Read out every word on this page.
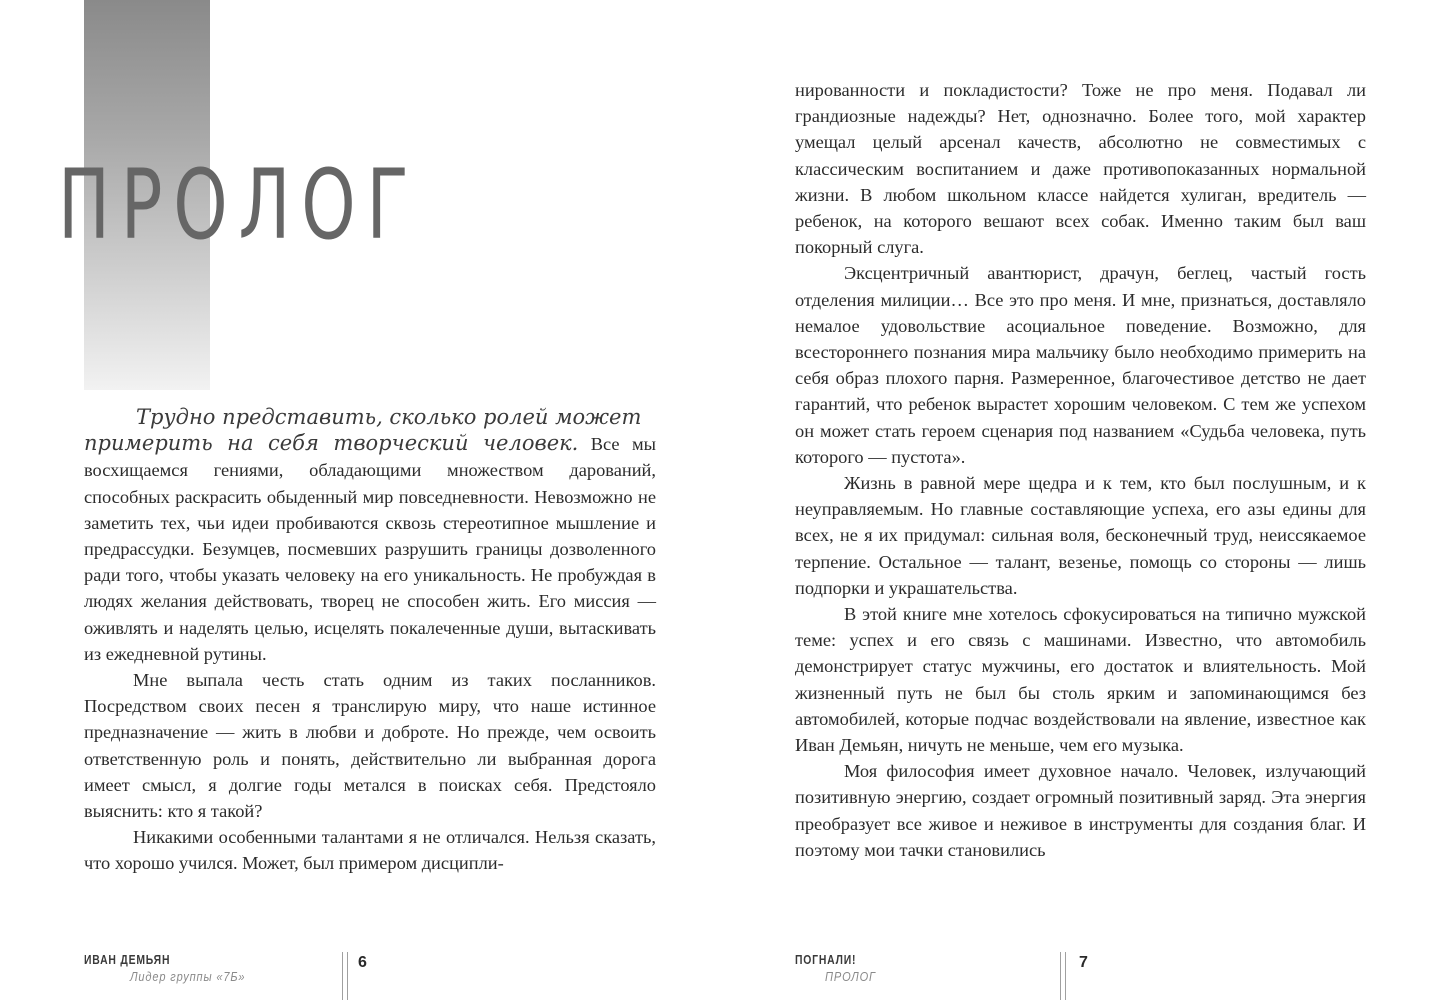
ПРОЛОГ
Трудно представить, сколько ролей может

примерить на себя творческий человек. Все мы восхищаемся гениями, обладающими множеством дарований, способных раскрасить обыденный мир повседневности. Невозможно не заметить тех, чьи идеи пробиваются сквозь стереотипное мышление и предрассудки. Безумцев, посмевших разрушить границы дозволенного ради того, чтобы указать человеку на его уникальность. Не пробуждая в людях желания действовать, творец не способен жить. Его миссия — оживлять и наделять целью, исцелять покалеченные души, вытаскивать из ежедневной рутины.

Мне выпала честь стать одним из таких посланников. Посредством своих песен я транслирую миру, что наше истинное предназначение — жить в любви и доброте. Но прежде, чем освоить ответственную роль и понять, действительно ли выбранная дорога имеет смысл, я долгие годы метался в поисках себя. Предстояло выяснить: кто я такой?

Никакими особенными талантами я не отличался. Нельзя сказать, что хорошо учился. Может, был примером дисципли-

ИВАН ДЕМЬЯН
Лидер группы «7Б»
6

нированности и покладистости? Тоже не про меня. Подавал ли грандиозные надежды? Нет, однозначно. Более того, мой характер умещал целый арсенал качеств, абсолютно не совместимых с классическим воспитанием и даже противопоказанных нормальной жизни. В любом школьном классе найдется хулиган, вредитель — ребенок, на которого вешают всех собак. Именно таким был ваш покорный слуга.

Эксцентричный авантюрист, драчун, беглец, частый гость отделения милиции… Все это про меня. И мне, признаться, доставляло немалое удовольствие асоциальное поведение. Возможно, для всестороннего познания мира мальчику было необходимо примерить на себя образ плохого парня. Размеренное, благочестивое детство не дает гарантий, что ребенок вырастет хорошим человеком. С тем же успехом он может стать героем сценария под названием «Судьба человека, путь которого — пустота».

Жизнь в равной мере щедра и к тем, кто был послушным, и к неуправляемым. Но главные составляющие успеха, его азы едины для всех, не я их придумал: сильная воля, бесконечный труд, неиссякаемое терпение. Остальное — талант, везенье, помощь со стороны — лишь подпорки и украшательства.

В этой книге мне хотелось сфокусироваться на типично мужской теме: успех и его связь с машинами. Известно, что автомобиль демонстрирует статус мужчины, его достаток и влиятельность. Мой жизненный путь не был бы столь ярким и запоминающимся без автомобилей, которые подчас воздействовали на явление, известное как Иван Демьян, ничуть не меньше, чем его музыка.

Моя философия имеет духовное начало. Человек, излучающий позитивную энергию, создает огромный позитивный заряд. Эта энергия преобразует все живое и неживое в инструменты для создания благ. И поэтому мои тачки становились

ПОГНАЛИ!
ПРОЛОГ
7
